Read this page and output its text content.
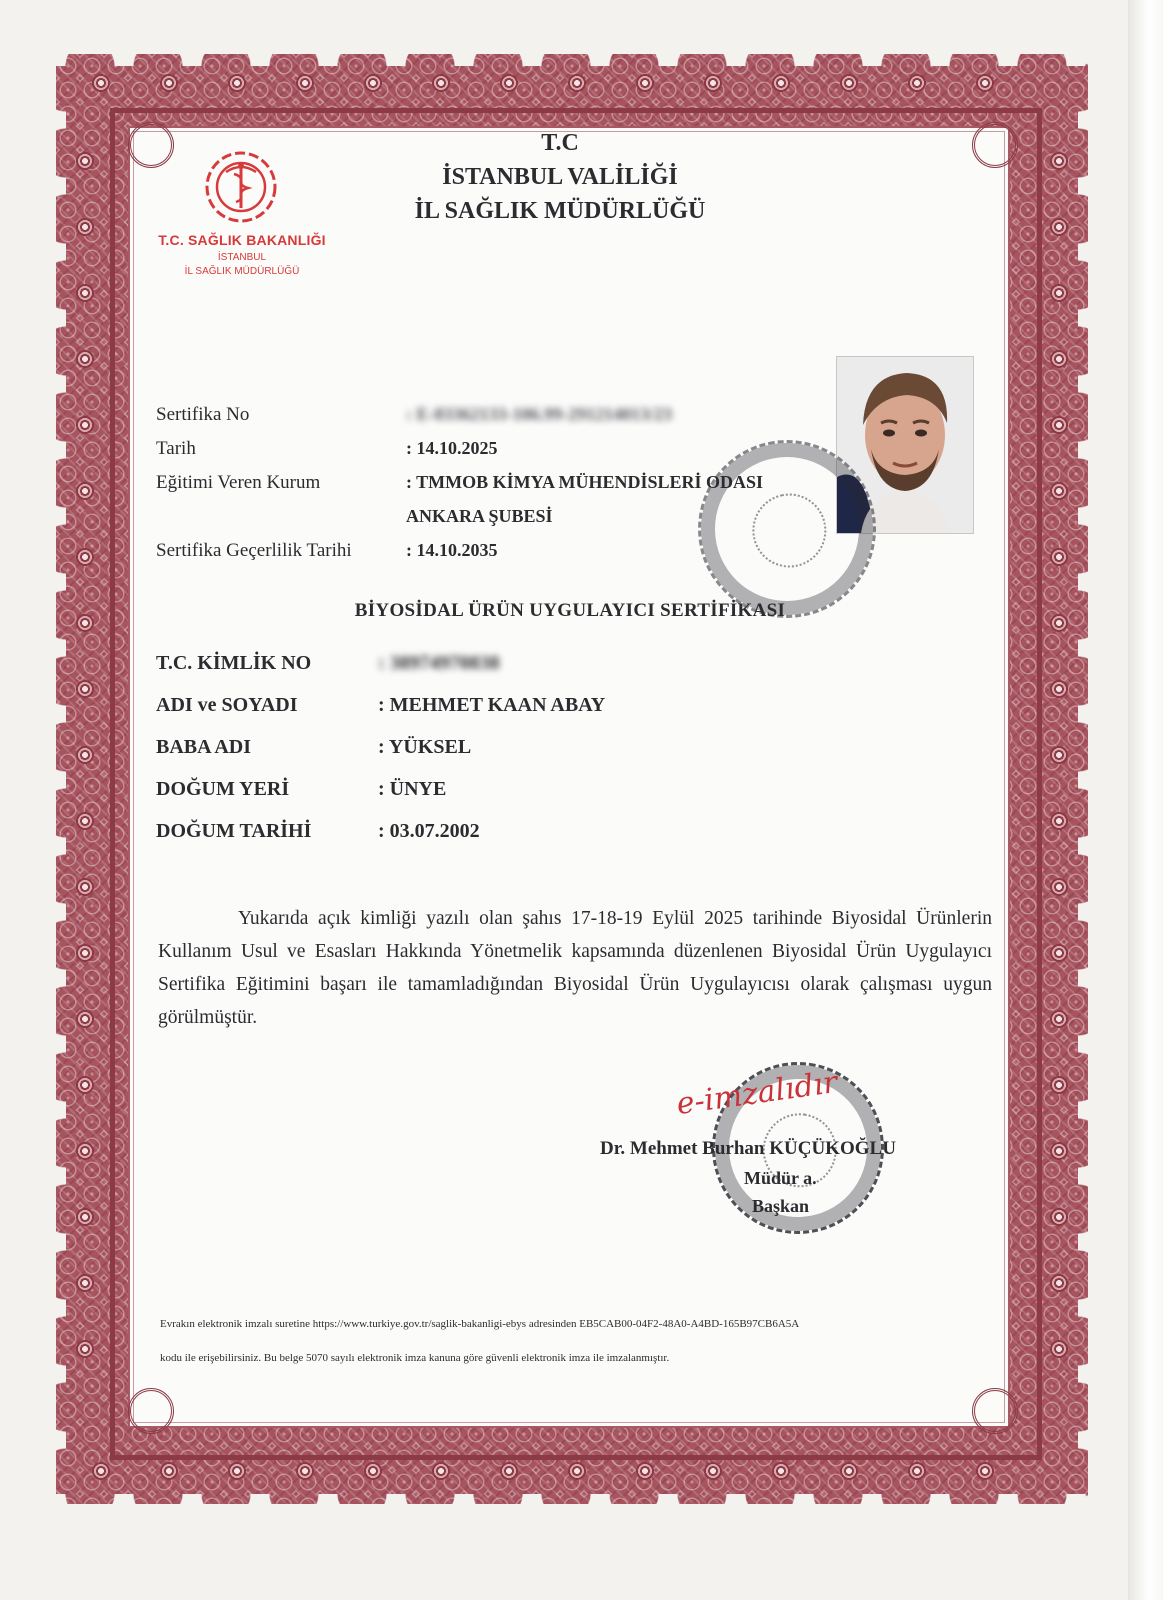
T.C. SAĞLIK BAKANLIĞI
İSTANBUL
İL SAĞLIK MÜDÜRLÜĞÜ
T.C
İSTANBUL VALİLİĞİ
İL SAĞLIK MÜDÜRLÜĞÜ
Sertifika No	: E-83362133-106.99-291214013/23
Tarih	: 14.10.2025
Eğitimi Veren Kurum	: TMMOB KİMYA MÜHENDİSLERİ ODASI
ANKARA ŞUBESİ
Sertifika Geçerlilik Tarihi	: 14.10.2035
BİYOSİDAL ÜRÜN UYGULAYICI SERTİFİKASI
T.C. KİMLİK NO	: 38974970838
ADI ve SOYADI	: MEHMET KAAN ABAY
BABA ADI	: YÜKSEL
DOĞUM YERİ	: ÜNYE
DOĞUM TARİHİ	: 03.07.2002
Yukarıda açık kimliği yazılı olan şahıs 17-18-19 Eylül 2025 tarihinde Biyosidal Ürünlerin Kullanım Usul ve Esasları Hakkında Yönetmelik kapsamında düzenlenen Biyosidal Ürün Uygulayıcı Sertifika Eğitimini başarı ile tamamladığından Biyosidal Ürün Uygulayıcısı olarak çalışması uygun görülmüştür.
e-imzalıdır
Dr. Mehmet Burhan KÜÇÜKOĞLU
Müdür a.
Başkan
Evrakın elektronik imzalı suretine https://www.turkiye.gov.tr/saglik-bakanligi-ebys adresinden EB5CAB00-04F2-48A0-A4BD-165B97CB6A5A
kodu ile erişebilirsiniz. Bu belge 5070 sayılı elektronik imza kanuna göre güvenli elektronik imza ile imzalanmıştır.
